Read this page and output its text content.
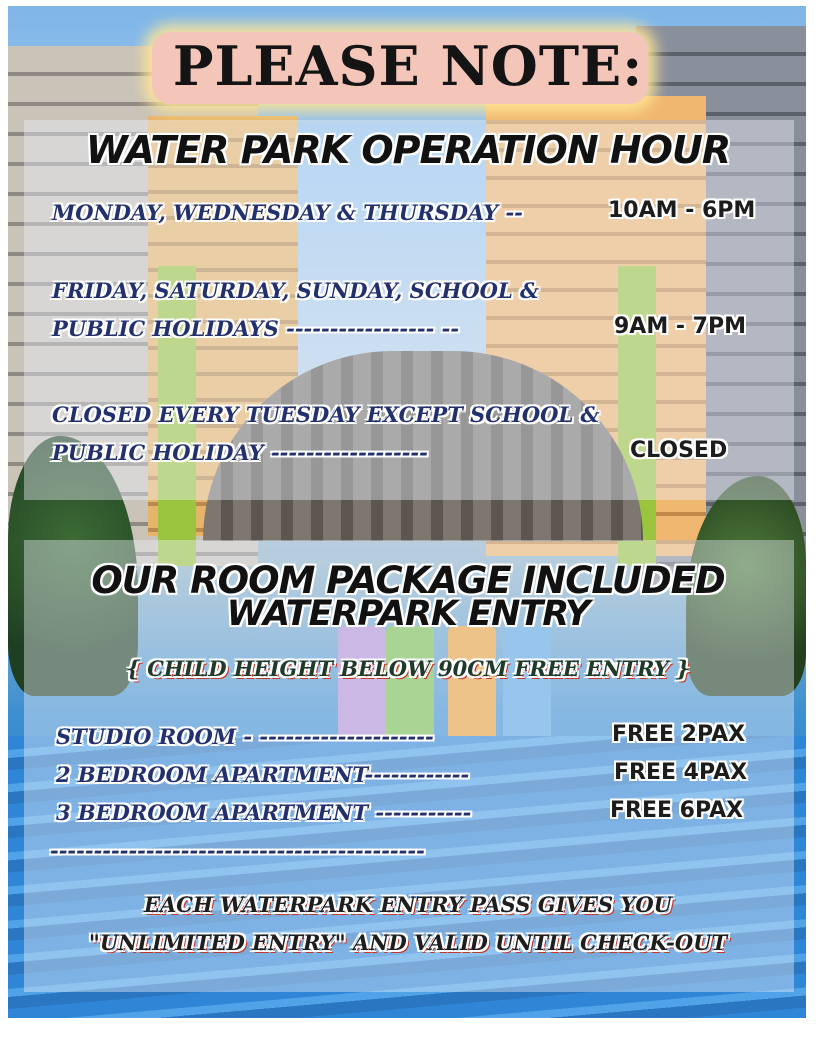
PLEASE NOTE:
WATER PARK OPERATION HOUR
MONDAY, WEDNESDAY & THURSDAY --	10AM - 6PM
FRIDAY, SATURDAY, SUNDAY, SCHOOL &
PUBLIC HOLIDAYS ----------------- --	9AM - 7PM
CLOSED EVERY TUESDAY EXCEPT SCHOOL &
PUBLIC HOLIDAY ------------------	CLOSED
OUR ROOM PACKAGE INCLUDED
WATERPARK ENTRY
{ CHILD HEIGHT BELOW 90CM FREE ENTRY }
STUDIO ROOM - --------------------	FREE 2PAX
2 BEDROOM APARTMENT------------	FREE 4PAX
3 BEDROOM APARTMENT -----------	FREE 6PAX
-------------------------------------------
EACH WATERPARK ENTRY PASS GIVES YOU
"UNLIMITED ENTRY" AND VALID UNTIL CHECK-OUT
